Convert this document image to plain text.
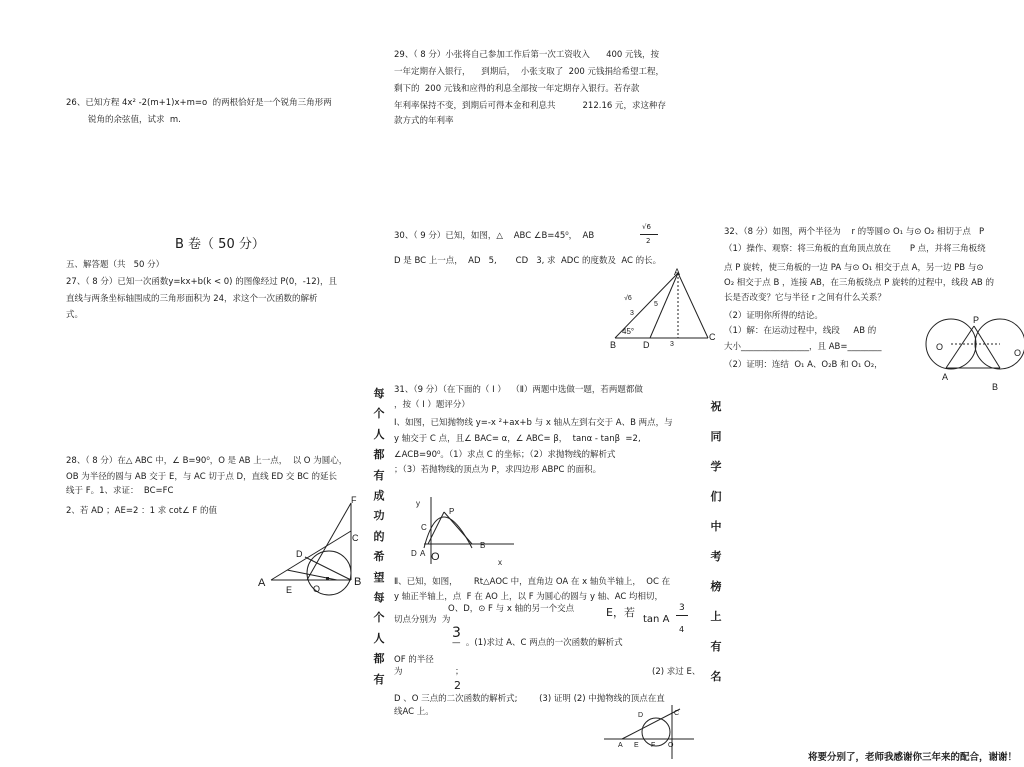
26、已知方程 4x² -2(m+1)x+m=o  的两根恰好是一个锐角三角形两
锐角的余弦值，试求  m.
B 卷（ 50 分）
五、解答题（共   50 分）
27、（ 8 分）已知一次函数y=kx+b(k < 0) 的图像经过 P(0，-12)，且
直线与两条坐标轴围成的三角形面积为 24，求这个一次函数的解析
式。
28、（ 8 分）在△ ABC 中，∠ B=90⁰，O 是 AB 上一点，  以 O 为圆心，
OB 为半径的圆与 AB 交于 E，与 AC 切于点 D，直线 ED 交 BC 的延长
线于 F。1、求证：  BC=FC
2、若 AD ；AE=2 ：1 求 cot∠ F 的值
A	B
C
D
E
F
O
每
个
人
都
有
成
功
的
希
望
每
个
人
都
有
29、（ 8 分）小张将自己参加工作后第一次工资收入      400 元钱，按
一年定期存入银行，    到期后，  小张支取了  200 元钱捐给希望工程，
剩下的  200 元钱和应得的利息全部按一年定期存入银行。若存款
年利率保持不变，到期后可得本金和利息共          212.16 元，求这种存
款方式的年利率
30、（ 9 分）已知，如图，△    ABC ∠B=45⁰，  AB
√6
2
D 是 BC 上一点，  AD   5,       CD   3, 求  ADC 的度数及  AC 的长。
B
C
A
D
√6
5
3
3
45°
31、（9 分）（在下面的（ Ⅰ ）  （Ⅱ）两题中选做一题，若两题都做
，按（ Ⅰ ）题评分）
Ⅰ、如图，已知抛物线 y=-x ²+ax+b 与 x 轴从左到右交于 A、B 两点，与
y 轴交于 C 点，且∠ BAC= α，∠ ABC= β，  tanα - tanβ  =2,
∠ACB=90⁰。（1）求点 C 的坐标；（2）求抛物线的解析式
；（3）若抛物线的顶点为 P，求四边形 ABPC 的面积。
y
P
C
D A O
B
x
Ⅱ、已知，如图，      Rt△AOC 中，直角边 OA 在 x 轴负半轴上，  OC 在
y 轴正半轴上，点  F 在 AO 上，以 F 为圆心的圆与 y 轴、AC 均相切，
O、D，⊙ F 与 x 轴的另一个交点	E，若
tan A
3
4
切点分别为  为
3
—  。(1)求过 A、C 两点的一次函数的解析式
OF 的半径
为	；	(2) 求过 E、
2
D 、O 三点的二次函数的解析式;        (3) 证明 (2) 中抛物线的顶点在直
线AC 上。	D	C
A E F O
祝
同
学
们
中
考
榜
上
有
名
32、（8 分）如图，两个半径为    r 的等圆⊙ O₁ 与⊙ O₂ 相切于点   P
（1）操作、观察：将三角板的直角顶点放在       P 点，并将三角板绕
点 P 旋转，使三角板的一边 PA 与⊙ O₁ 相交于点 A，另一边 PB 与⊙
O₂ 相交于点 B ，连接 AB，在三角板绕点 P 旋转的过程中，线段 AB 的
长是否改变？它与半径 r 之间有什么关系？
（2）证明你所得的结论。
（1）解：在运动过程中，线段     AB 的
大小________________，且 AB=________
（2）证明：连结  O₁ A、O₂B 和 O₁ O₂，
P
O
O
A
B
将要分别了，老师我感谢你三年来的配合，谢谢！
